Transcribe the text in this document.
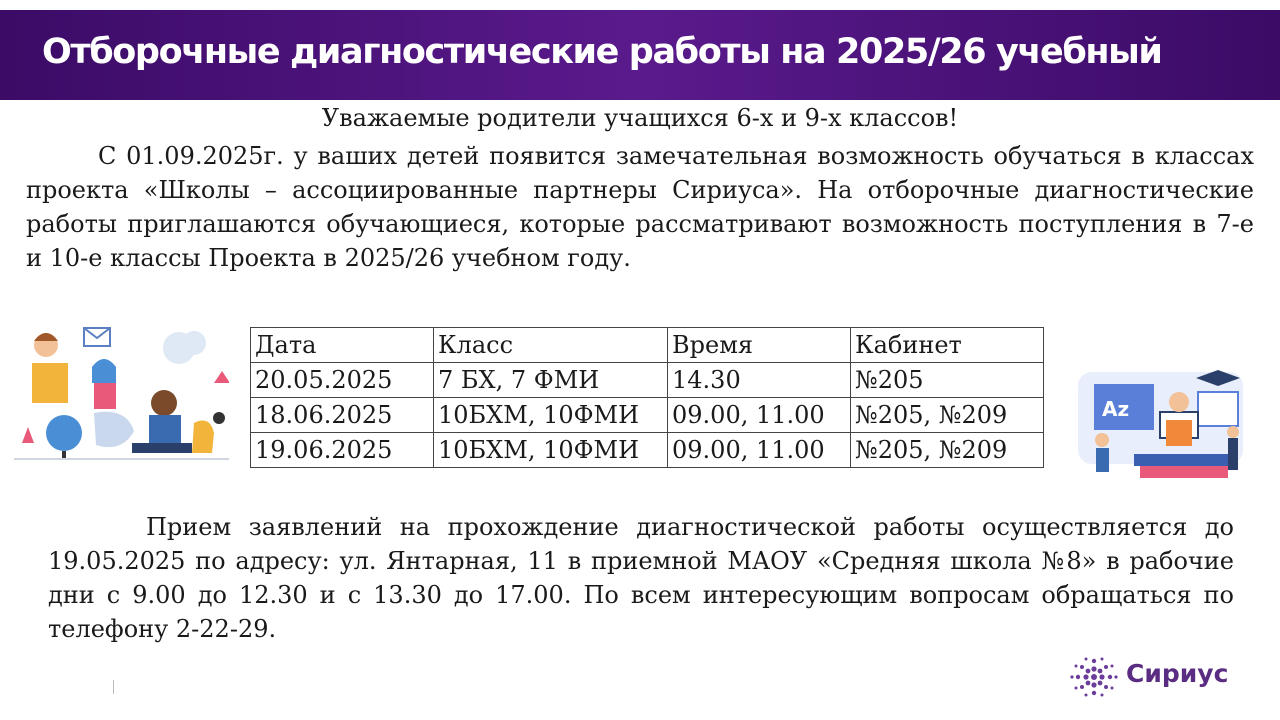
Отборочные диагностические работы на 2025/26 учебный

Уважаемые родители учащихся 6-х и 9-х классов!

С 01.09.2025г. у ваших детей появится замечательная возможность обучаться в классах проекта «Школы – ассоциированные партнеры Сириуса». На отборочные диагностические работы приглашаются обучающиеся, которые рассматривают возможность поступления в 7-е и 10-е классы Проекта в 2025/26 учебном году.

Дата	Класс	Время	Кабинет
20.05.2025	7 БХ, 7 ФМИ	14.30	№205
18.06.2025	10БХМ, 10ФМИ	09.00, 11.00	№205, №209
19.06.2025	10БХМ, 10ФМИ	09.00, 11.00	№205, №209
Az

Прием заявлений на прохождение диагностической работы осуществляется до 19.05.2025 по адресу: ул. Янтарная, 11 в приемной МАОУ «Средняя школа №8» в рабочие дни с 9.00 до 12.30 и с 13.30 до 17.00. По всем интересующим вопросам обращаться по телефону 2-22-29.

Сириус
